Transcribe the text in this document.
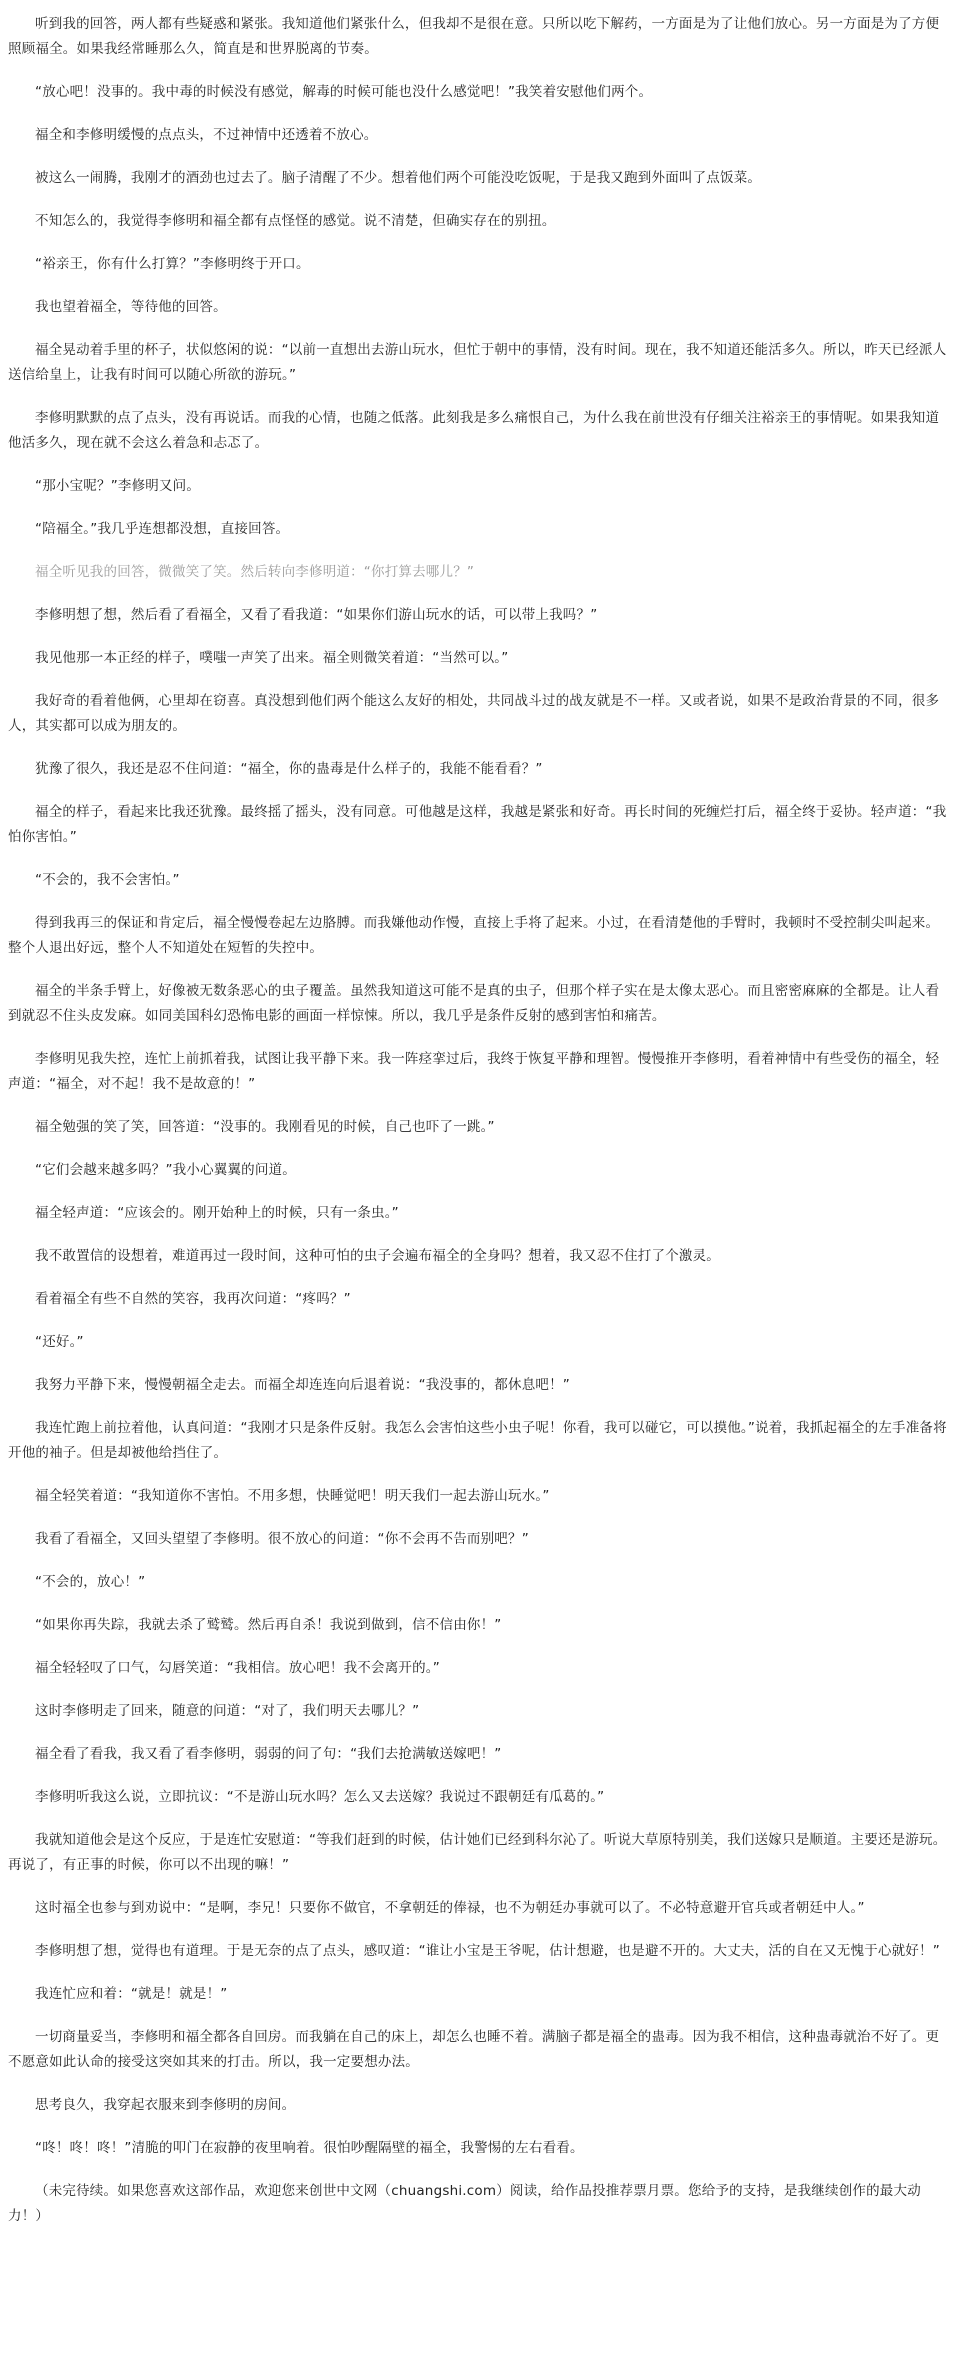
听到我的回答，两人都有些疑惑和紧张。我知道他们紧张什么，但我却不是很在意。只所以吃下解药，一方面是为了让他们放心。另一方面是为了方便照顾福全。如果我经常睡那么久，简直是和世界脱离的节奏。

“放心吧！没事的。我中毒的时候没有感觉，解毒的时候可能也没什么感觉吧！”我笑着安慰他们两个。

福全和李修明缓慢的点点头，不过神情中还透着不放心。

被这么一闹腾，我刚才的酒劲也过去了。脑子清醒了不少。想着他们两个可能没吃饭呢，于是我又跑到外面叫了点饭菜。

不知怎么的，我觉得李修明和福全都有点怪怪的感觉。说不清楚，但确实存在的别扭。

“裕亲王，你有什么打算？”李修明终于开口。

我也望着福全，等待他的回答。

福全晃动着手里的杯子，状似悠闲的说：“以前一直想出去游山玩水，但忙于朝中的事情，没有时间。现在，我不知道还能活多久。所以，昨天已经派人送信给皇上，让我有时间可以随心所欲的游玩。”

李修明默默的点了点头，没有再说话。而我的心情，也随之低落。此刻我是多么痛恨自己，为什么我在前世没有仔细关注裕亲王的事情呢。如果我知道他活多久，现在就不会这么着急和忐忑了。

“那小宝呢？”李修明又问。

“陪福全。”我几乎连想都没想，直接回答。

福全听见我的回答，微微笑了笑。然后转向李修明道：“你打算去哪儿？”

李修明想了想，然后看了看福全，又看了看我道：“如果你们游山玩水的话，可以带上我吗？”

我见他那一本正经的样子，噗嗤一声笑了出来。福全则微笑着道：“当然可以。”

我好奇的看着他俩，心里却在窃喜。真没想到他们两个能这么友好的相处，共同战斗过的战友就是不一样。又或者说，如果不是政治背景的不同，很多人，其实都可以成为朋友的。

犹豫了很久，我还是忍不住问道：“福全，你的蛊毒是什么样子的，我能不能看看？”

福全的样子，看起来比我还犹豫。最终摇了摇头，没有同意。可他越是这样，我越是紧张和好奇。再长时间的死缠烂打后，福全终于妥协。轻声道：“我怕你害怕。”

“不会的，我不会害怕。”

得到我再三的保证和肯定后，福全慢慢卷起左边胳膊。而我嫌他动作慢，直接上手将了起来。小过，在看清楚他的手臂时，我顿时不受控制尖叫起来。整个人退出好远，整个人不知道处在短暂的失控中。

福全的半条手臂上，好像被无数条恶心的虫子覆盖。虽然我知道这可能不是真的虫子，但那个样子实在是太像太恶心。而且密密麻麻的全都是。让人看到就忍不住头皮发麻。如同美国科幻恐怖电影的画面一样惊悚。所以，我几乎是条件反射的感到害怕和痛苦。

李修明见我失控，连忙上前抓着我，试图让我平静下来。我一阵痉挛过后，我终于恢复平静和理智。慢慢推开李修明，看着神情中有些受伤的福全，轻声道：“福全，对不起！我不是故意的！”

福全勉强的笑了笑，回答道：“没事的。我刚看见的时候，自己也吓了一跳。”

“它们会越来越多吗？”我小心翼翼的问道。

福全轻声道：“应该会的。刚开始种上的时候，只有一条虫。”

我不敢置信的设想着，难道再过一段时间，这种可怕的虫子会遍布福全的全身吗？想着，我又忍不住打了个激灵。

看着福全有些不自然的笑容，我再次问道：“疼吗？”

“还好。”

我努力平静下来，慢慢朝福全走去。而福全却连连向后退着说：“我没事的，都休息吧！”

我连忙跑上前拉着他，认真问道：“我刚才只是条件反射。我怎么会害怕这些小虫子呢！你看，我可以碰它，可以摸他。”说着，我抓起福全的左手准备将开他的袖子。但是却被他给挡住了。

福全轻笑着道：“我知道你不害怕。不用多想，快睡觉吧！明天我们一起去游山玩水。”

我看了看福全，又回头望望了李修明。很不放心的问道：“你不会再不告而别吧？”

“不会的，放心！”

“如果你再失踪，我就去杀了鹫鹫。然后再自杀！我说到做到，信不信由你！”

福全轻轻叹了口气，勾唇笑道：“我相信。放心吧！我不会离开的。”

这时李修明走了回来，随意的问道：“对了，我们明天去哪儿？”

福全看了看我，我又看了看李修明，弱弱的问了句：“我们去抢满敏送嫁吧！”

李修明听我这么说，立即抗议：“不是游山玩水吗？怎么又去送嫁？我说过不跟朝廷有瓜葛的。”

我就知道他会是这个反应，于是连忙安慰道：“等我们赶到的时候，估计她们已经到科尔沁了。听说大草原特别美，我们送嫁只是顺道。主要还是游玩。再说了，有正事的时候，你可以不出现的嘛！”

这时福全也参与到劝说中：“是啊，李兄！只要你不做官，不拿朝廷的俸禄，也不为朝廷办事就可以了。不必特意避开官兵或者朝廷中人。”

李修明想了想，觉得也有道理。于是无奈的点了点头，感叹道：“谁让小宝是王爷呢，估计想避，也是避不开的。大丈夫，活的自在又无愧于心就好！”

我连忙应和着：“就是！就是！”

一切商量妥当，李修明和福全都各自回房。而我躺在自己的床上，却怎么也睡不着。满脑子都是福全的蛊毒。因为我不相信，这种蛊毒就治不好了。更不愿意如此认命的接受这突如其来的打击。所以，我一定要想办法。

思考良久，我穿起衣服来到李修明的房间。

“咚！咚！咚！”清脆的叩门在寂静的夜里响着。很怕吵醒隔壁的福全，我警惕的左右看看。

（未完待续。如果您喜欢这部作品，欢迎您来创世中文网（chuangshi.com）阅读，给作品投推荐票月票。您给予的支持，是我继续创作的最大动力！）
